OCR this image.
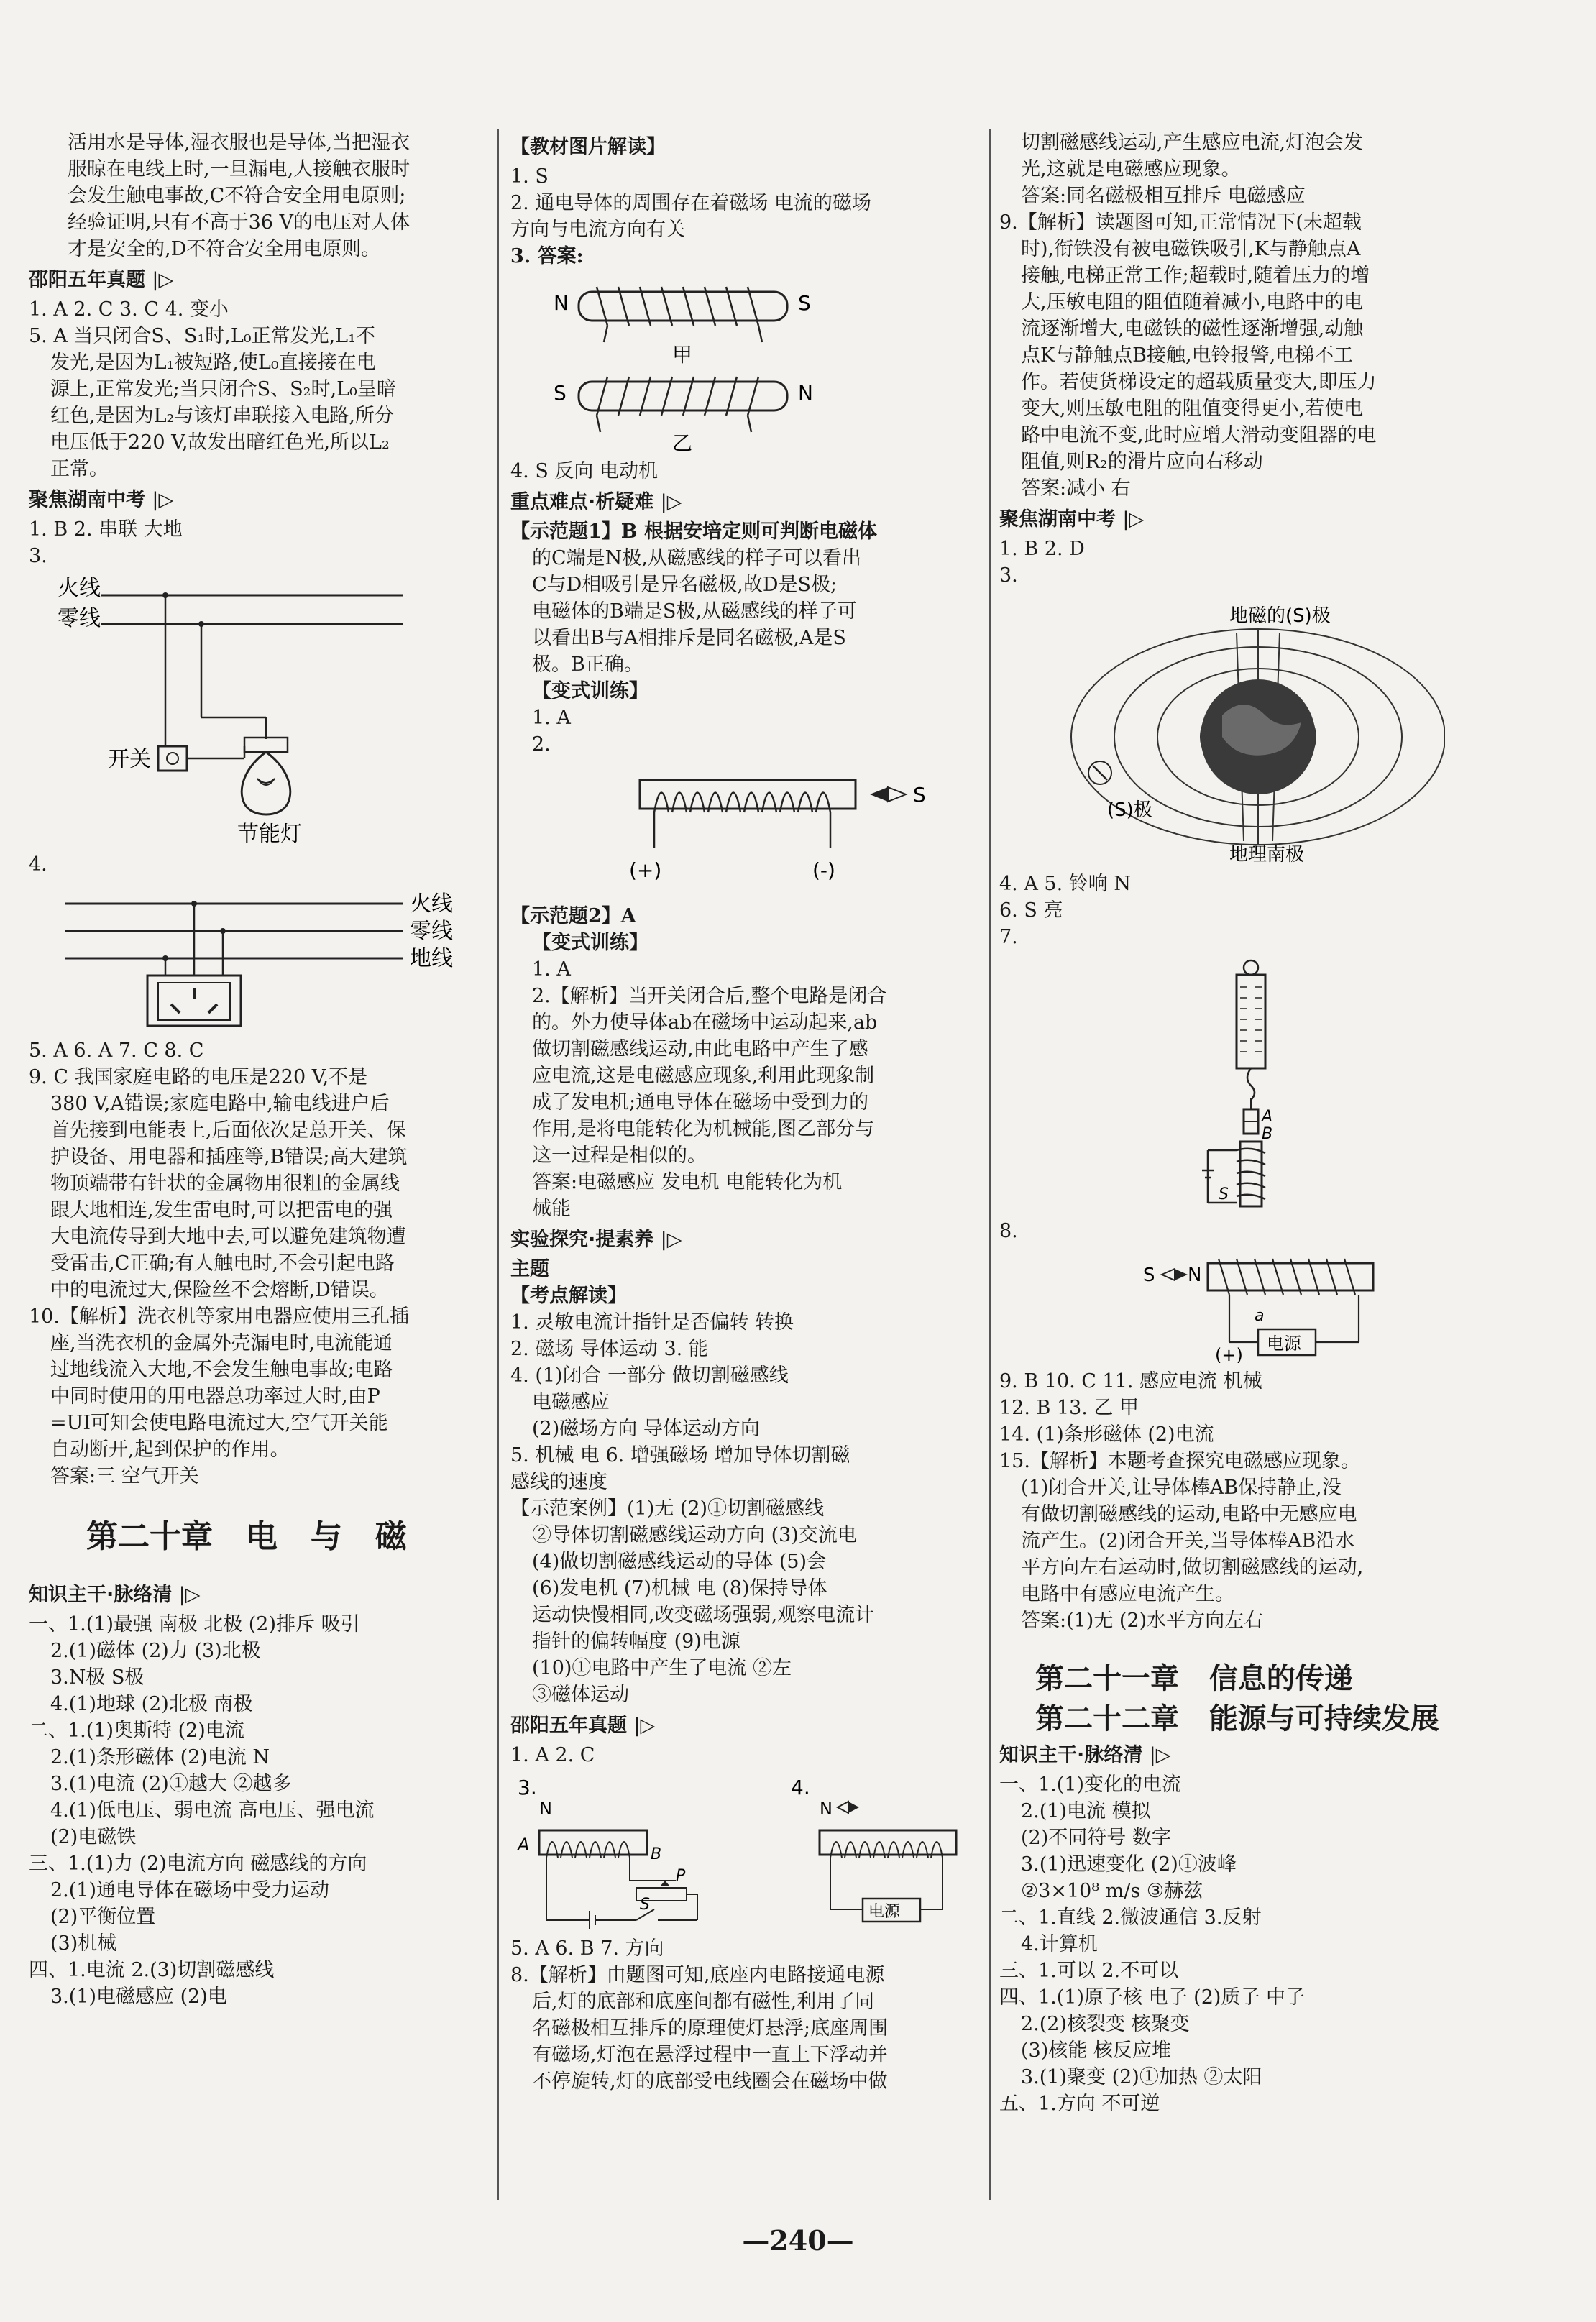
活用水是导体,湿衣服也是导体,当把湿衣

服晾在电线上时,一旦漏电,人接触衣服时

会发生触电事故,C不符合安全用电原则;

经验证明,只有不高于36 V的电压对人体

才是安全的,D不符合安全用电原则。

邵阳五年真题 |▷

1. A 2. C 3. C 4. 变小

5. A 当只闭合S、S₁时,L₀正常发光,L₁不

发光,是因为L₁被短路,使L₀直接接在电

源上,正常发光;当只闭合S、S₂时,L₀呈暗

红色,是因为L₂与该灯串联接入电路,所分

电压低于220 V,故发出暗红色光,所以L₂

正常。

聚焦湖南中考 |▷

1. B 2. 串联 大地

3.

火线
零线
开关
节能灯

4.

火线
零线
地线

5. A 6. A 7. C 8. C

9. C 我国家庭电路的电压是220 V,不是

380 V,A错误;家庭电路中,输电线进户后

首先接到电能表上,后面依次是总开关、保

护设备、用电器和插座等,B错误;高大建筑

物顶端带有针状的金属物用很粗的金属线

跟大地相连,发生雷电时,可以把雷电的强

大电流传导到大地中去,可以避免建筑物遭

受雷击,C正确;有人触电时,不会引起电路

中的电流过大,保险丝不会熔断,D错误。

10.【解析】洗衣机等家用电器应使用三孔插

座,当洗衣机的金属外壳漏电时,电流能通

过地线流入大地,不会发生触电事故;电路

中同时使用的用电器总功率过大时,由P

=UI可知会使电路电流过大,空气开关能

自动断开,起到保护的作用。

答案:三 空气开关

第二十章   电   与   磁
知识主干·脉络清 |▷

一、1.(1)最强 南极 北极 (2)排斥 吸引

2.(1)磁体 (2)力 (3)北极

3.N极 S极

4.(1)地球 (2)北极 南极

二、1.(1)奥斯特 (2)电流

2.(1)条形磁体 (2)电流 N

3.(1)电流 (2)①越大 ②越多

4.(1)低电压、弱电流 高电压、强电流

(2)电磁铁

三、1.(1)力 (2)电流方向 磁感线的方向

2.(1)通电导体在磁场中受力运动

(2)平衡位置

(3)机械

四、1.电流 2.(3)切割磁感线

3.(1)电磁感应 (2)电

【教材图片解读】

1. S

2. 通电导体的周围存在着磁场 电流的磁场

方向与电流方向有关

3. 答案:

N	S
甲
S	N
乙

4. S 反向 电动机

重点难点·析疑难 |▷

【示范题1】B 根据安培定则可判断电磁体

的C端是N极,从磁感线的样子可以看出

C与D相吸引是异名磁极,故D是S极;

电磁体的B端是S极,从磁感线的样子可

以看出B与A相排斥是同名磁极,A是S

极。B正确。

【变式训练】

1. A

2.

S
(+)	(-)

【示范题2】A

【变式训练】

1. A

2.【解析】当开关闭合后,整个电路是闭合

的。外力使导体ab在磁场中运动起来,ab

做切割磁感线运动,由此电路中产生了感

应电流,这是电磁感应现象,利用此现象制

成了发电机;通电导体在磁场中受到力的

作用,是将电能转化为机械能,图乙部分与

这一过程是相似的。

答案:电磁感应 发电机 电能转化为机

械能

实验探究·提素养 |▷

主题

【考点解读】

1. 灵敏电流计指针是否偏转 转换

2. 磁场 导体运动 3. 能

4. (1)闭合 一部分 做切割磁感线

电磁感应

(2)磁场方向 导体运动方向

5. 机械 电 6. 增强磁场 增加导体切割磁

感线的速度

【示范案例】(1)无 (2)①切割磁感线

②导体切割磁感线运动方向 (3)交流电

(4)做切割磁感线运动的导体 (5)会

(6)发电机 (7)机械 电 (8)保持导体

运动快慢相同,改变磁场强弱,观察电流计

指针的偏转幅度 (9)电源

(10)①电路中产生了电流 ②左

③磁体运动

邵阳五年真题 |▷

1. A 2. C

3.	4.
N
A	B
P
S
N
电源

5. A 6. B 7. 方向

8.【解析】由题图可知,底座内电路接通电源

后,灯的底部和底座间都有磁性,利用了同

名磁极相互排斥的原理使灯悬浮;底座周围

有磁场,灯泡在悬浮过程中一直上下浮动并

不停旋转,灯的底部受电线圈会在磁场中做

切割磁感线运动,产生感应电流,灯泡会发

光,这就是电磁感应现象。

答案:同名磁极相互排斥 电磁感应

9.【解析】读题图可知,正常情况下(未超载

时),衔铁没有被电磁铁吸引,K与静触点A

接触,电梯正常工作;超载时,随着压力的增

大,压敏电阻的阻值随着减小,电路中的电

流逐渐增大,电磁铁的磁性逐渐增强,动触

点K与静触点B接触,电铃报警,电梯不工

作。若使货梯设定的超载质量变大,即压力

变大,则压敏电阻的阻值变得更小,若使电

路中电流不变,此时应增大滑动变阻器的电

阻值,则R₂的滑片应向右移动

答案:减小 右

聚焦湖南中考 |▷

1. B 2. D

3.

地磁的(S)极
(S)极
地理南极

4. A 5. 铃响 N

6. S 亮

7.

A
B
S

8.

S N
a
电源
(+)

9. B 10. C 11. 感应电流 机械

12. B 13. 乙 甲

14. (1)条形磁体 (2)电流

15.【解析】本题考查探究电磁感应现象。

(1)闭合开关,让导体棒AB保持静止,没

有做切割磁感线的运动,电路中无感应电

流产生。(2)闭合开关,当导体棒AB沿水

平方向左右运动时,做切割磁感线的运动,

电路中有感应电流产生。

答案:(1)无 (2)水平方向左右

第二十一章   信息的传递
第二十二章   能源与可持续发展
知识主干·脉络清 |▷

一、1.(1)变化的电流

2.(1)电流 模拟

(2)不同符号 数字

3.(1)迅速变化 (2)①波峰

②3×10⁸ m/s ③赫兹

二、1.直线 2.微波通信 3.反射

4.计算机

三、1.可以 2.不可以

四、1.(1)原子核 电子 (2)质子 中子

2.(2)核裂变 核聚变

(3)核能 核反应堆

3.(1)聚变 (2)①加热 ②太阳

五、1.方向 不可逆

—240—
